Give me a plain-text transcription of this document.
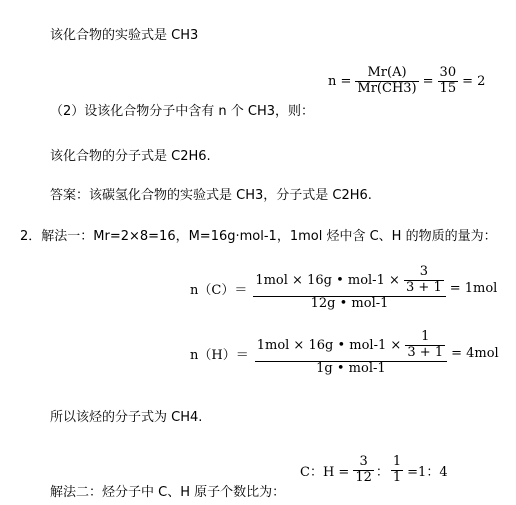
该化合物的实验式是 CH3
$n = \frac{Mr(A)}{Mr(CH3)} = \frac{30}{15} = 2$
（2）设该化合物分子中含有 n 个 CH3，则：
该化合物的分子式是 C2H6.
答案：该碳氢化合物的实验式是 CH3，分子式是 C2H6.
2．解法一：Mr=2×8=16，M=16g·mol-1，1mol 烃中含 C、H 的物质的量为：
$n(C)= \frac{1mol \times 16g • mol-1 \times \frac{3}{3 + 1}}{\text{12g • mol-1}} = 1mol$
$n(H)= \frac{1mol \times 16g • mol-1 \times \frac{1}{3 + 1}}{\text{1g • mol-1}} = 4mol$
所以该烃的分子式为 CH4.
C：$H = \frac{3}{12}$ ： $\frac{1}{1} =1$：4
解法二：烃分子中 C、H 原子个数比为：
